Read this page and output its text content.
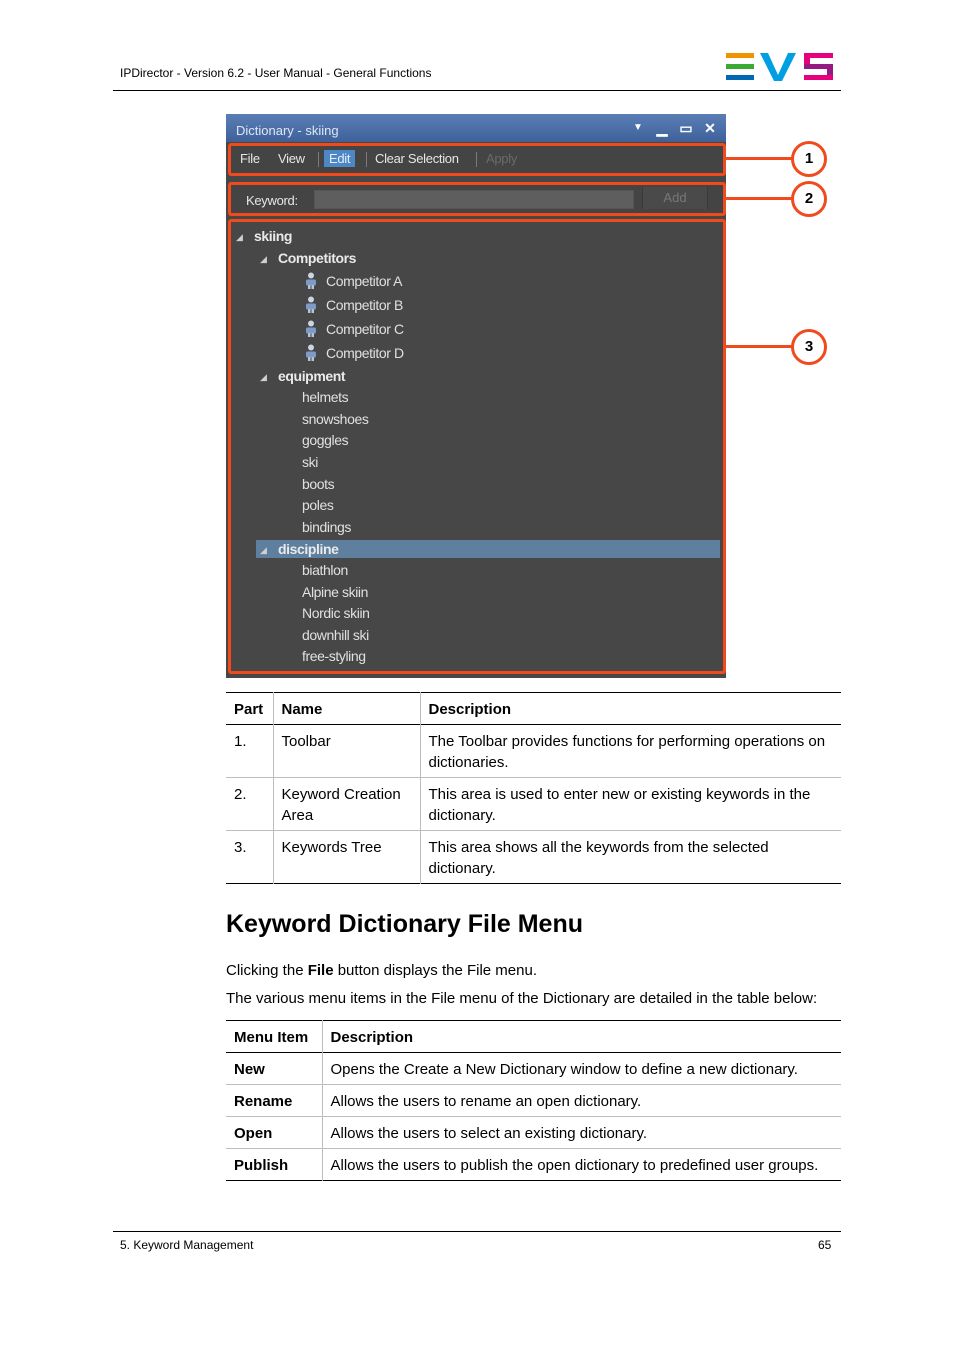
IPDirector - Version 6.2 - User Manual - General Functions
Dictionary - skiing	▼ ▁ ▭ ✕
File View	Edit	Clear Selection Apply
Keyword:	Add
◢ skiing
◢ Competitors
Competitor A
Competitor B
Competitor C
Competitor D
◢ equipment
helmets
snowshoes
goggles
ski
boots
poles
bindings
◢ discipline
biathlon
Alpine skiin
Nordic skiin
downhill ski
free-styling
1
2
3
Part	Name	Description
1.	Toolbar	The Toolbar provides functions for performing operations on dictionaries.
2.	Keyword Creation Area	This area is used to enter new or existing keywords in the dictionary.
3.	Keywords Tree	This area shows all the keywords from the selected dictionary.
Keyword Dictionary File Menu
Clicking the File button displays the File menu.
The various menu items in the File menu of the Dictionary are detailed in the table below:
Menu Item	Description
New	Opens the Create a New Dictionary window to define a new dictionary.
Rename	Allows the users to rename an open dictionary.
Open	Allows the users to select an existing dictionary.
Publish	Allows the users to publish the open dictionary to predefined user groups.
5. Keyword Management	65
